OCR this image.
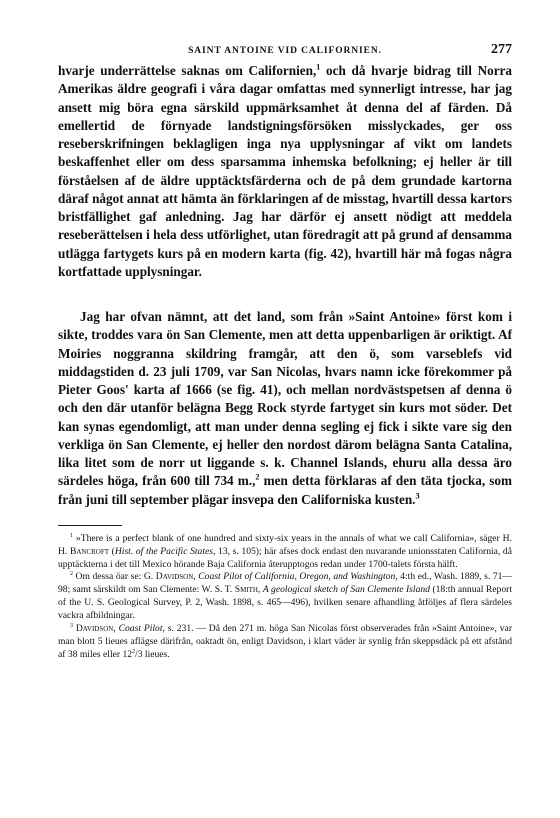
SAINT ANTOINE VID CALIFORNIEN.	277

hvarje underrättelse saknas om Californien,$^1$ och då hvarje bidrag till Norra Amerikas äldre geografi i våra dagar omfattas med synnerligt intresse, har jag ansett mig böra egna särskild uppmärksamhet åt denna del af färden. Då emellertid de förnyade landstigningsförsöken misslyckades, ger oss reseberskrifningen beklagligen inga nya upplysningar af vikt om landets beskaffenhet eller om dess sparsamma inhemska befolkning; ej heller är till förståelsen af de äldre upptäcktsfärderna och de på dem grundade kartorna däraf något annat att hämta än förklaringen af de misstag, hvartill dessa kartors bristfällighet gaf anledning. Jag har därför ej ansett nödigt att meddela reseberättelsen i hela dess utförlighet, utan föredragit att på grund af densamma utlägga fartygets kurs på en modern karta (fig. 42), hvartill här må fogas några kortfattade upplysningar.

Jag har ofvan nämnt, att det land, som från »Saint Antoine» först kom i sikte, troddes vara ön San Clemente, men att detta uppenbarligen är oriktigt. Af Moiries noggranna skildring framgår, att den ö, som varseblefs vid middagstiden d. 23 juli 1709, var San Nicolas, hvars namn icke förekommer på Pieter Goos' karta af 1666 (se fig. 41), och mellan nordvästspetsen af denna ö och den där utanför belägna Begg Rock styrde fartyget sin kurs mot söder. Det kan synas egendomligt, att man under denna segling ej fick i sikte vare sig den verkliga ön San Clemente, ej heller den nordost därom belägna Santa Catalina, lika litet som de norr ut liggande s. k. Channel Islands, ehuru alla dessa äro särdeles höga, från 600 till 734 m.,$^2$ men detta förklaras af den täta tjocka, som från juni till september plägar insvepa den Californiska kusten.$^3$

$^1$ »There is a perfect blank of one hundred and sixty-six years in the annals of what we call California», säger H. H. Bancroft (Hist. of the Pacific States, 13, s. 105); här afses dock endast den nuvarande unionsstaten California, då upptäckterna i det till Mexico hörande Baja California återupptogos redan under 1700-talets första hälft.

$^2$ Om dessa öar se: G. Davidson, Coast Pilot of California, Oregon, and Washington, 4:th ed., Wash. 1889, s. 71—98; samt särskildt om San Clemente: W. S. T. Smith, A geological sketch of San Clemente Island (18:th annual Report of the U. S. Geological Survey, P. 2, Wash. 1898, s. 465—496), hvilken senare afhandling åtföljes af flera särdeles vackra afbildningar.

$^3$ Davidson, Coast Pilot, s. 231. — Då den 271 m. höga San Nicolas först observerades från »Saint Antoine», var man blott 5 lieues aflägse därifrån, oaktadt ön, enligt Davidson, i klart väder är synlig från skeppsdäck på ett afstånd af 38 miles eller $12^2/3$ lieues.
